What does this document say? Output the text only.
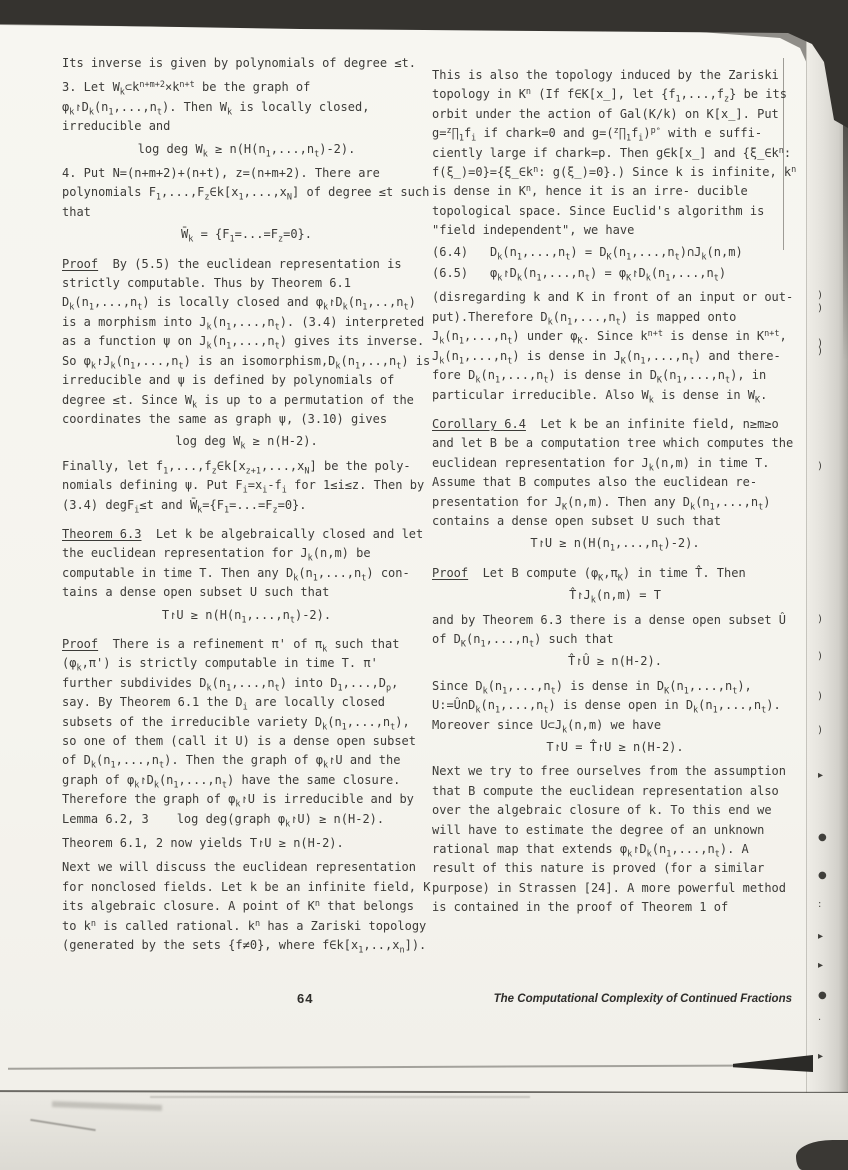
Its inverse is given by polynomials of degree ≤t.
3. Let $W_k\subset k^{n+m+2}\times k^{n+t}$ be the graph of $\varphi_k↾D_k(n_1,...,n_t)$. Then $W_k$ is locally closed, irreducible and
log deg $W_k \ge n(H(n_1,...,n_t)-2)$.
4. Put N=(n+m+2)+(n+t), z=(n+m+2). There are polynomials $F_1,...,F_z\in k[x_1,...,x_N]$ of degree ≤t such that
$W̄_k = \{F_1=...=F_z=0\}$.
Proof  By (5.5) the euclidean representation is strictly computable. Thus by Theorem 6.1 $D_k(n_1,...,n_t)$ is locally closed and $\varphi_k↾D_k(n_1,..,n_t)$ is a morphism into $J_k(n_1,...,n_t)$. (3.4) interpreted as a function ψ on $J_k(n_1,...,n_t)$ gives its inverse. So $\varphi_k↾J_k(n_1,...,n_t)$ is an $isomorphism,D_k(n_1,..,n_t)$ is irreducible and ψ is defined by polynomials of degree ≤t. Since $W_k$ is up to a permutation of the coordinates the same as graph ψ, (3.10) gives
log deg $W_k \ge n(H-2)$.
Finally, let $f_1,...,f_z\in k[x_{z+1},...,x_N]$ be the poly- nomials defining ψ. Put $F_i=x_i-f_i$ for 1≤i≤z. Then by (3.4) degF$_i$≤t and $W̄_k=\{F_1=...=F_z=0\}$.
Theorem 6.3  Let k be algebraically closed and let the euclidean representation for $J_k(n,m)$ be computable in time T. Then any $D_k(n_1,...,n_t)$ con- tains a dense open subset U such that
T↾U ≥ $n(H(n_1,...,n_t)-2)$.
Proof  There is a refinement π' of $\pi_k$ such that $(\varphi_k,\pi')$ is strictly computable in time T. π' further subdivides $D_k(n_1,...,n_t)$ into $D_1,...,D_p$, say. By Theorem 6.1 the $D_i$ are locally closed subsets of the irreducible variety $D_k(n_1,...,n_t)$, so one of them (call it U) is a dense open subset of $D_k(n_1,...,n_t)$. Then the graph of $\varphi_k↾U$ and the graph of $\varphi_k↾D_k(n_1,...,n_t)$ have the same closure. Therefore the graph of $\varphi_k↾U$ is irreducible and by
Lemma 6.2, 3 log deg(graph $\varphi_k↾U) \ge n(H-2)$.
Theorem 6.1, 2 now yields T↾U ≥ n(H-2).
Next we will discuss the euclidean representation for nonclosed fields. Let k be an infinite field, K its algebraic closure. A point of $K^n$ that belongs to $k^n$ is called rational. $k^n$ has a Zariski topology (generated by the sets {f≠0}, where $f\in k[x_1,..,x_n]$).
This is also the topology induced by the Zariski topology in $K^n$ (If f∈K[x̲], let $\{f_1,...,f_z\}$ be its orbit under the action of Gal(K/k) on K[x̲]. Put $g=^z\prod_1f_i$ if chark=0 and $g=(^z\prod_1f_i)^{pᵉ}$ with e suffi- ciently large if chark=p. Then g∈k[x̲] and {$\xi̲\in k^n$: $f(\xi̲)=0\}=\{\xi̲\in k^n$: g(ξ̲)=0}.) Since k is infinite, $k^n$ is dense in $K^n$, hence it is an irre- ducible topological space. Since Euclid's algorithm is "field independent", we have
(6.4)	$D_k(n_1,...,n_t)$ = $D_K(n_1,...,n_t)\cap J_k(n,m)$
(6.5)	$\varphi_k↾D_k(n_1,...,n_t)$ = $\varphi_K↾D_k(n_1,...,n_t)$
(disregarding k and K in front of an input or out- put).Therefore $D_k(n_1,...,n_t)$ is mapped onto $J_k(n_1,...,n_t)$ under $\varphi_K$. Since $k^{n+t}$ is dense in $K^{n+t}$, $J_k(n_1,...,n_t)$ is dense in $J_K(n_1,...,n_t)$ and there- fore $D_k(n_1,...,n_t)$ is dense in $D_K(n_1,...,n_t)$, in particular irreducible. Also $W_k$ is dense in $W_K$.
Corollary 6.4  Let k be an infinite field, n≥m≥o and let B be a computation tree which computes the euclidean representation for $J_k(n,m)$ in time T. Assume that B computes also the euclidean re- presentation for $J_K(n,m)$. Then any $D_k(n_1,...,n_t)$ contains a dense open subset U such that
T↾U ≥ $n(H(n_1,...,n_t)-2)$.
Proof  Let B compute $(\varphi_K,\pi_K)$ in time T̂. Then
$T̂↾J_k(n,m) = T$
and by Theorem 6.3 there is a dense open subset Û of $D_K(n_1,...,n_t)$ such that
T̂↾Û ≥ n(H-2).
Since $D_k(n_1,...,n_t)$ is dense in $D_K(n_1,...,n_t)$, $U:=Û\cap D_k(n_1,...,n_t)$ is dense open in $D_k(n_1,...,n_t)$. Moreover since $U\subset J_k(n,m)$ we have
T↾U = T̂↾U ≥ n(H-2).
Next we try to free ourselves from the assumption that B compute the euclidean representation also over the algebraic closure of k. To this end we will have to estimate the degree of an unknown rational map that extends $\varphi_k↾D_k(n_1,...,n_t)$. A result of this nature is proved (for a similar purpose) in Strassen [24]. A more powerful method is contained in the proof of Theorem 1 of
64	The Computational Complexity of Continued Fractions
)
)
)
)
)
)
)
)
)
▸
●
●
:
▸
▸
●
·
▸
